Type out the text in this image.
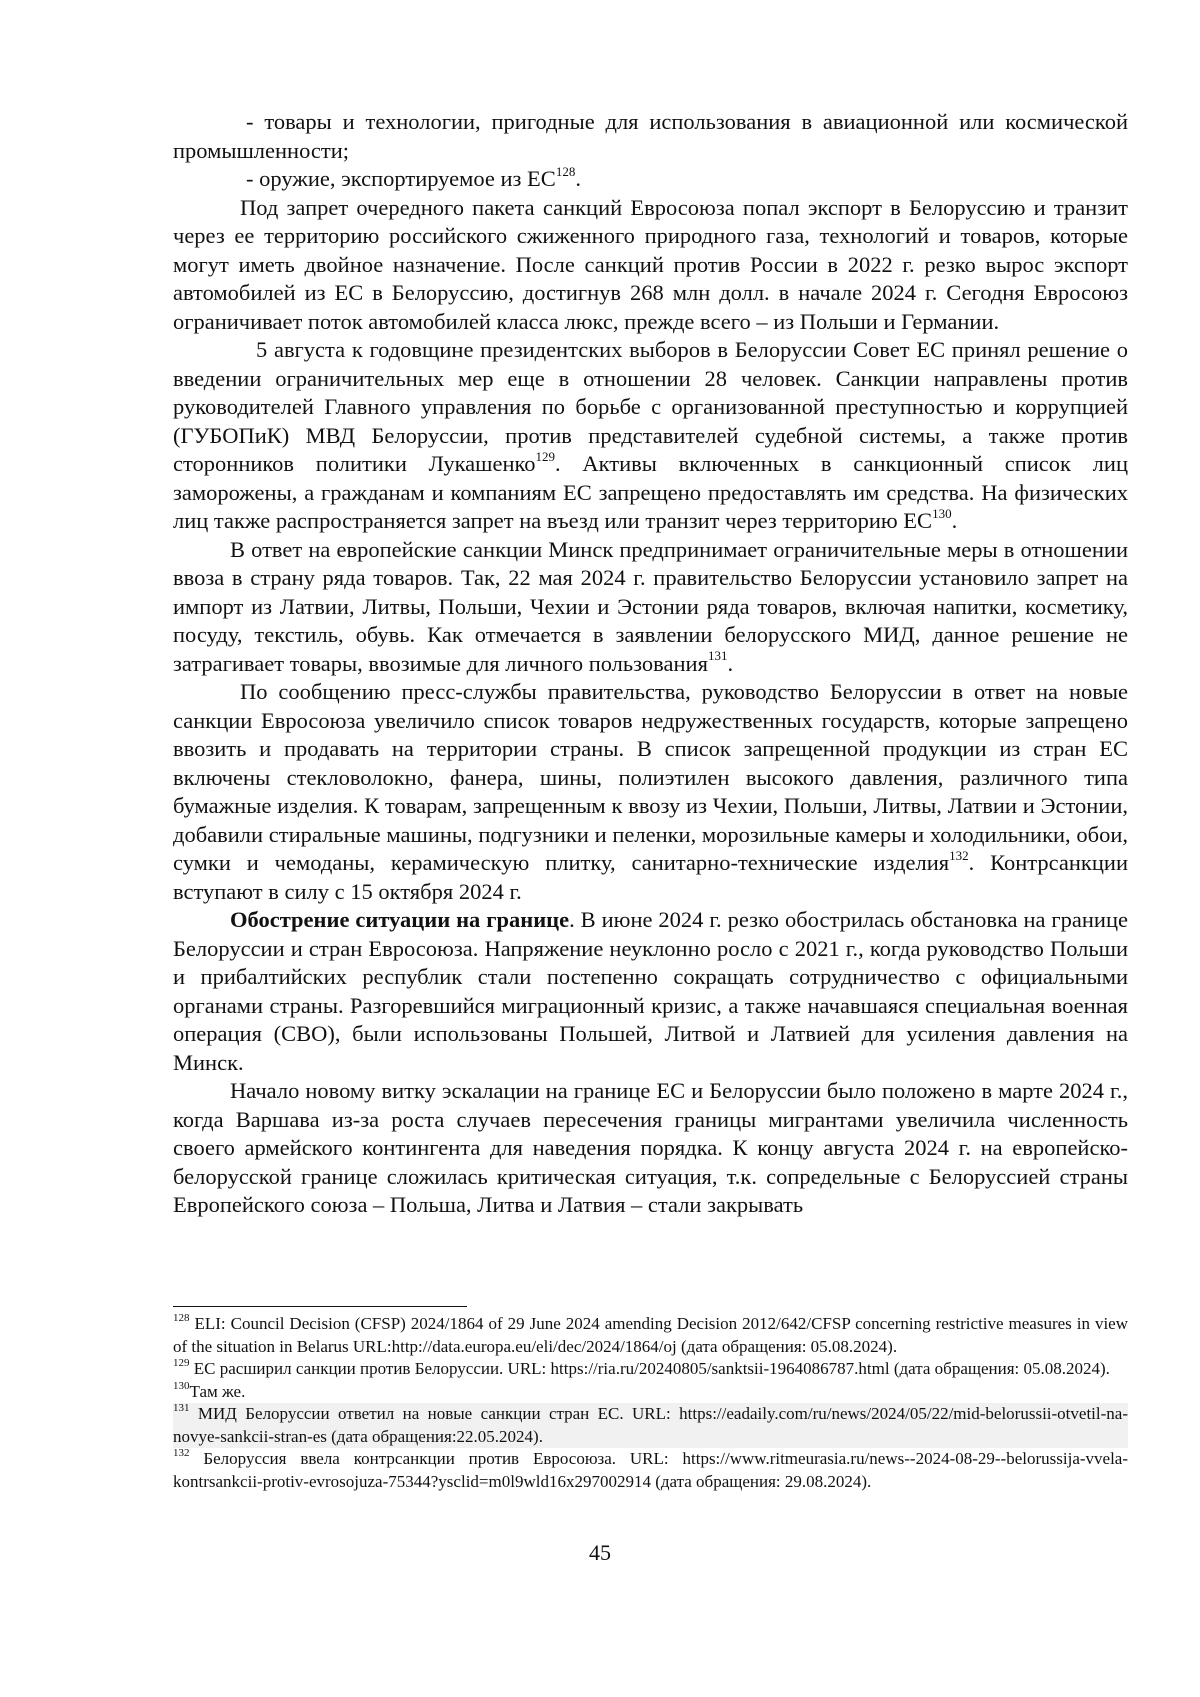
- товары и технологии, пригодные для использования в авиационной или космической промышленности;

- оружие, экспортируемое из ЕС$^{128}$.

Под запрет очередного пакета санкций Евросоюза попал экспорт в Белоруссию и транзит через ее территорию российского сжиженного природного газа, технологий и товаров, которые могут иметь двойное назначение. После санкций против России в 2022 г. резко вырос экспорт автомобилей из ЕС в Белоруссию, достигнув 268 млн долл. в начале 2024 г. Сегодня Евросоюз ограничивает поток автомобилей класса люкс, прежде всего – из Польши и Германии.

5 августа к годовщине президентских выборов в Белоруссии Совет ЕС принял решение о введении ограничительных мер еще в отношении 28 человек. Санкции направлены против руководителей Главного управления по борьбе с организованной преступностью и коррупцией (ГУБОПиК) МВД Белоруссии, против представителей судебной системы, а также против сторонников политики Лукашенко$^{129}$. Активы включенных в санкционный список лиц заморожены, а гражданам и компаниям ЕС запрещено предоставлять им средства. На физических лиц также распространяется запрет на въезд или транзит через территорию ЕС$^{130}$.

В ответ на европейские санкции Минск предпринимает ограничительные меры в отношении ввоза в страну ряда товаров. Так, 22 мая 2024 г. правительство Белоруссии установило запрет на импорт из Латвии, Литвы, Польши, Чехии и Эстонии ряда товаров, включая напитки, косметику, посуду, текстиль, обувь. Как отмечается в заявлении белорусского МИД, данное решение не затрагивает товары, ввозимые для личного пользования$^{131}$.

По сообщению пресс-службы правительства, руководство Белоруссии в ответ на новые санкции Евросоюза увеличило список товаров недружественных государств, которые запрещено ввозить и продавать на территории страны. В список запрещенной продукции из стран ЕС включены стекловолокно, фанера, шины, полиэтилен высокого давления, различного типа бумажные изделия. К товарам, запрещенным к ввозу из Чехии, Польши, Литвы, Латвии и Эстонии, добавили стиральные машины, подгузники и пеленки, морозильные камеры и холодильники, обои, сумки и чемоданы, керамическую плитку, санитарно-технические изделия$^{132}$. Контрсанкции вступают в силу с 15 октября 2024 г.

Обострение ситуации на границе. В июне 2024 г. резко обострилась обстановка на границе Белоруссии и стран Евросоюза. Напряжение неуклонно росло с 2021 г., когда руководство Польши и прибалтийских республик стали постепенно сокращать сотрудничество с официальными органами страны. Разгоревшийся миграционный кризис, а также начавшаяся специальная военная операция (СВО), были использованы Польшей, Литвой и Латвией для усиления давления на Минск.

Начало новому витку эскалации на границе ЕС и Белоруссии было положено в марте 2024 г., когда Варшава из-за роста случаев пересечения границы мигрантами увеличила численность своего армейского контингента для наведения порядка. К концу августа 2024 г. на европейско-белорусской границе сложилась критическая ситуация, т.к. сопредельные с Белоруссией страны Европейского союза – Польша, Литва и Латвия – стали закрывать

$^{128}$ ELI: Council Decision (CFSP) 2024/1864 of 29 June 2024 amending Decision 2012/642/CFSP concerning restrictive measures in view of the situation in Belarus URL:http://data.europa.eu/eli/dec/2024/1864/oj (дата обращения: 05.08.2024).

$^{129}$ ЕС расширил санкции против Белоруссии. URL: https://ria.ru/20240805/sanktsii-1964086787.html (дата обращения: 05.08.2024).

$^{130}$Там же.

$^{131}$ МИД Белоруссии ответил на новые санкции стран ЕС. URL: https://eadaily.com/ru/news/2024/05/22/mid-belorussii-otvetil-na-novye-sankcii-stran-es (дата обращения:22.05.2024).

$^{132}$ Белоруссия ввела контрсанкции против Евросоюза. URL: https://www.ritmeurasia.ru/news--2024-08-29--belorussija-vvela-kontrsankcii-protiv-evrosojuza-75344?ysclid=m0l9wld16x297002914 (дата обращения: 29.08.2024).

45
